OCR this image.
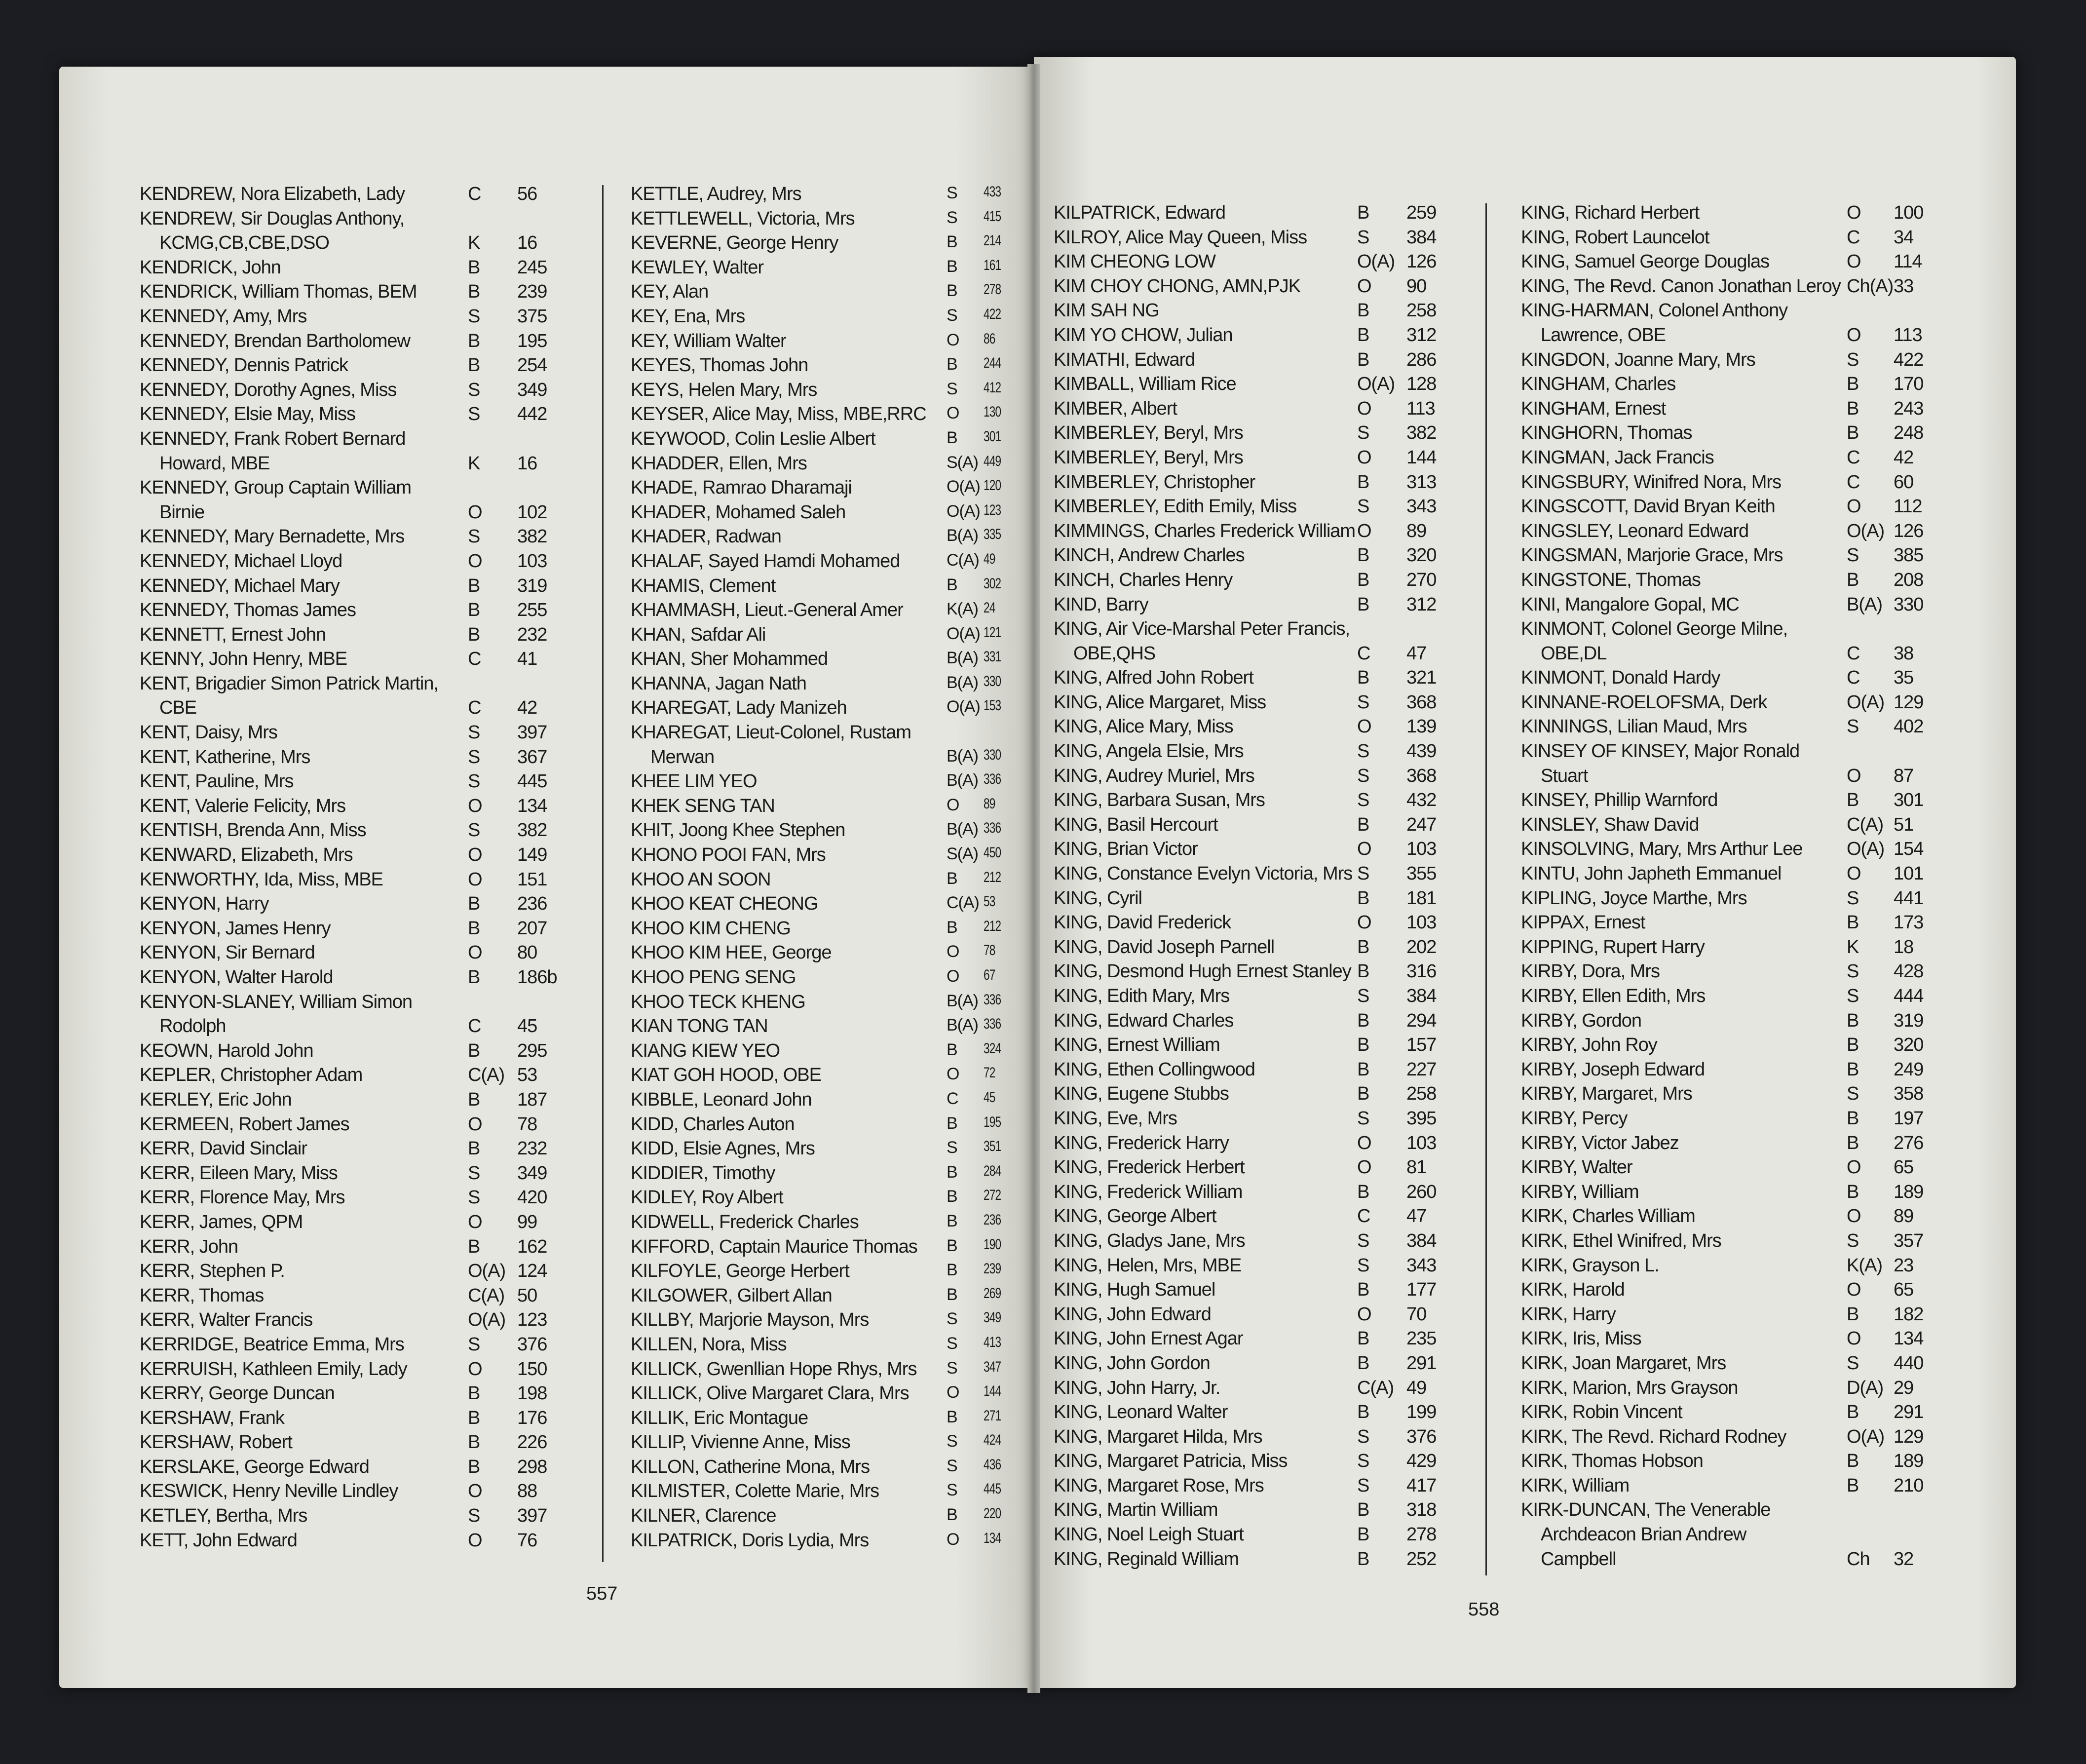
KENDREW, Nora Elizabeth, Lady	C 56
KENDREW, Sir Douglas Anthony,
KCMG,CB,CBE,DSO	K 16
KENDRICK, John	B 245
KENDRICK, William Thomas, BEM	B 239
KENNEDY, Amy, Mrs	S 375
KENNEDY, Brendan Bartholomew	B 195
KENNEDY, Dennis Patrick	B 254
KENNEDY, Dorothy Agnes, Miss	S 349
KENNEDY, Elsie May, Miss	S 442
KENNEDY, Frank Robert Bernard
Howard, MBE	K 16
KENNEDY, Group Captain William
Birnie	O 102
KENNEDY, Mary Bernadette, Mrs	S 382
KENNEDY, Michael Lloyd	O 103
KENNEDY, Michael Mary	B 319
KENNEDY, Thomas James	B 255
KENNETT, Ernest John	B 232
KENNY, John Henry, MBE	C 41
KENT, Brigadier Simon Patrick Martin,
CBE	C 42
KENT, Daisy, Mrs	S 397
KENT, Katherine, Mrs	S 367
KENT, Pauline, Mrs	S 445
KENT, Valerie Felicity, Mrs	O 134
KENTISH, Brenda Ann, Miss	S 382
KENWARD, Elizabeth, Mrs	O 149
KENWORTHY, Ida, Miss, MBE	O 151
KENYON, Harry	B 236
KENYON, James Henry	B 207
KENYON, Sir Bernard	O 80
KENYON, Walter Harold	B 186b
KENYON-SLANEY, William Simon
Rodolph	C 45
KEOWN, Harold John	B 295
KEPLER, Christopher Adam	C(A) 53
KERLEY, Eric John	B 187
KERMEEN, Robert James	O 78
KERR, David Sinclair	B 232
KERR, Eileen Mary, Miss	S 349
KERR, Florence May, Mrs	S 420
KERR, James, QPM	O 99
KERR, John	B 162
KERR, Stephen P.	O(A) 124
KERR, Thomas	C(A) 50
KERR, Walter Francis	O(A) 123
KERRIDGE, Beatrice Emma, Mrs	S 376
KERRUISH, Kathleen Emily, Lady	O 150
KERRY, George Duncan	B 198
KERSHAW, Frank	B 176
KERSHAW, Robert	B 226
KERSLAKE, George Edward	B 298
KESWICK, Henry Neville Lindley	O 88
KETLEY, Bertha, Mrs	S 397
KETT, John Edward	O 76
KETTLE, Audrey, Mrs	S 433
KETTLEWELL, Victoria, Mrs	S 415
KEVERNE, George Henry	B 214
KEWLEY, Walter	B 161
KEY, Alan	B 278
KEY, Ena, Mrs	S 422
KEY, William Walter	O 86
KEYES, Thomas John	B 244
KEYS, Helen Mary, Mrs	S 412
KEYSER, Alice May, Miss, MBE,RRC O 130
KEYWOOD, Colin Leslie Albert	B 301
KHADDER, Ellen, Mrs	S(A) 449
KHADE, Ramrao Dharamaji	O(A) 120
KHADER, Mohamed Saleh	O(A) 123
KHADER, Radwan	B(A) 335
KHALAF, Sayed Hamdi Mohamed	C(A) 49
KHAMIS, Clement	B 302
KHAMMASH, Lieut.-General Amer	K(A) 24
KHAN, Safdar Ali	O(A) 121
KHAN, Sher Mohammed	B(A) 331
KHANNA, Jagan Nath	B(A) 330
KHAREGAT, Lady Manizeh	O(A) 153
KHAREGAT, Lieut-Colonel, Rustam
Merwan	B(A) 330
KHEE LIM YEO	B(A) 336
KHEK SENG TAN	O 89
KHIT, Joong Khee Stephen	B(A) 336
KHONO POOI FAN, Mrs	S(A) 450
KHOO AN SOON	B 212
KHOO KEAT CHEONG	C(A) 53
KHOO KIM CHENG	B 212
KHOO KIM HEE, George	O 78
KHOO PENG SENG	O 67
KHOO TECK KHENG	B(A) 336
KIAN TONG TAN	B(A) 336
KIANG KIEW YEO	B 324
KIAT GOH HOOD, OBE	O 72
KIBBLE, Leonard John	C 45
KIDD, Charles Auton	B 195
KIDD, Elsie Agnes, Mrs	S 351
KIDDIER, Timothy	B 284
KIDLEY, Roy Albert	B 272
KIDWELL, Frederick Charles	B 236
KIFFORD, Captain Maurice Thomas B 190
KILFOYLE, George Herbert	B 239
KILGOWER, Gilbert Allan	B 269
KILLBY, Marjorie Mayson, Mrs	S 349
KILLEN, Nora, Miss	S 413
KILLICK, Gwenllian Hope Rhys, Mrs S 347
KILLICK, Olive Margaret Clara, Mrs O 144
KILLIK, Eric Montague	B 271
KILLIP, Vivienne Anne, Miss	S 424
KILLON, Catherine Mona, Mrs	S 436
KILMISTER, Colette Marie, Mrs	S 445
KILNER, Clarence	B 220
KILPATRICK, Doris Lydia, Mrs	O 134
557
KILPATRICK, Edward	B 259
KILROY, Alice May Queen, Miss	S 384
KIM CHEONG LOW	O(A) 126
KIM CHOY CHONG, AMN,PJK	O 90
KIM SAH NG	B 258
KIM YO CHOW, Julian	B 312
KIMATHI, Edward	B 286
KIMBALL, William Rice	O(A) 128
KIMBER, Albert	O 113
KIMBERLEY, Beryl, Mrs	S 382
KIMBERLEY, Beryl, Mrs	O 144
KIMBERLEY, Christopher	B 313
KIMBERLEY, Edith Emily, Miss	S 343
KIMMINGS, Charles Frederick William O 89
KINCH, Andrew Charles	B 320
KINCH, Charles Henry	B 270
KIND, Barry	B 312
KING, Air Vice-Marshal Peter Francis,
OBE,QHS	C 47
KING, Alfred John Robert	B 321
KING, Alice Margaret, Miss	S 368
KING, Alice Mary, Miss	O 139
KING, Angela Elsie, Mrs	S 439
KING, Audrey Muriel, Mrs	S 368
KING, Barbara Susan, Mrs	S 432
KING, Basil Hercourt	B 247
KING, Brian Victor	O 103
KING, Constance Evelyn Victoria, Mrs S 355
KING, Cyril	B 181
KING, David Frederick	O 103
KING, David Joseph Parnell	B 202
KING, Desmond Hugh Ernest Stanley B 316
KING, Edith Mary, Mrs	S 384
KING, Edward Charles	B 294
KING, Ernest William	B 157
KING, Ethen Collingwood	B 227
KING, Eugene Stubbs	B 258
KING, Eve, Mrs	S 395
KING, Frederick Harry	O 103
KING, Frederick Herbert	O 81
KING, Frederick William	B 260
KING, George Albert	C 47
KING, Gladys Jane, Mrs	S 384
KING, Helen, Mrs, MBE	S 343
KING, Hugh Samuel	B 177
KING, John Edward	O 70
KING, John Ernest Agar	B 235
KING, John Gordon	B 291
KING, John Harry, Jr.	C(A) 49
KING, Leonard Walter	B 199
KING, Margaret Hilda, Mrs	S 376
KING, Margaret Patricia, Miss	S 429
KING, Margaret Rose, Mrs	S 417
KING, Martin William	B 318
KING, Noel Leigh Stuart	B 278
KING, Reginald William	B 252
KING, Richard Herbert	O 100
KING, Robert Launcelot	C 34
KING, Samuel George Douglas	O 114
KING, The Revd. Canon Jonathan Leroy Ch(A) 33
KING-HARMAN, Colonel Anthony
Lawrence, OBE	O 113
KINGDON, Joanne Mary, Mrs	S 422
KINGHAM, Charles	B 170
KINGHAM, Ernest	B 243
KINGHORN, Thomas	B 248
KINGMAN, Jack Francis	C 42
KINGSBURY, Winifred Nora, Mrs	C 60
KINGSCOTT, David Bryan Keith	O 112
KINGSLEY, Leonard Edward	O(A) 126
KINGSMAN, Marjorie Grace, Mrs	S 385
KINGSTONE, Thomas	B 208
KINI, Mangalore Gopal, MC	B(A) 330
KINMONT, Colonel George Milne,
OBE,DL	C 38
KINMONT, Donald Hardy	C 35
KINNANE-ROELOFSMA, Derk	O(A) 129
KINNINGS, Lilian Maud, Mrs	S 402
KINSEY OF KINSEY, Major Ronald
Stuart	O 87
KINSEY, Phillip Warnford	B 301
KINSLEY, Shaw David	C(A) 51
KINSOLVING, Mary, Mrs Arthur Lee O(A) 154
KINTU, John Japheth Emmanuel	O 101
KIPLING, Joyce Marthe, Mrs	S 441
KIPPAX, Ernest	B 173
KIPPING, Rupert Harry	K 18
KIRBY, Dora, Mrs	S 428
KIRBY, Ellen Edith, Mrs	S 444
KIRBY, Gordon	B 319
KIRBY, John Roy	B 320
KIRBY, Joseph Edward	B 249
KIRBY, Margaret, Mrs	S 358
KIRBY, Percy	B 197
KIRBY, Victor Jabez	B 276
KIRBY, Walter	O 65
KIRBY, William	B 189
KIRK, Charles William	O 89
KIRK, Ethel Winifred, Mrs	S 357
KIRK, Grayson L.	K(A) 23
KIRK, Harold	O 65
KIRK, Harry	B 182
KIRK, Iris, Miss	O 134
KIRK, Joan Margaret, Mrs	S 440
KIRK, Marion, Mrs Grayson	D(A) 29
KIRK, Robin Vincent	B 291
KIRK, The Revd. Richard Rodney	O(A) 129
KIRK, Thomas Hobson	B 189
KIRK, William	B 210
KIRK-DUNCAN, The Venerable
Archdeacon Brian Andrew
Campbell	Ch 32
558
